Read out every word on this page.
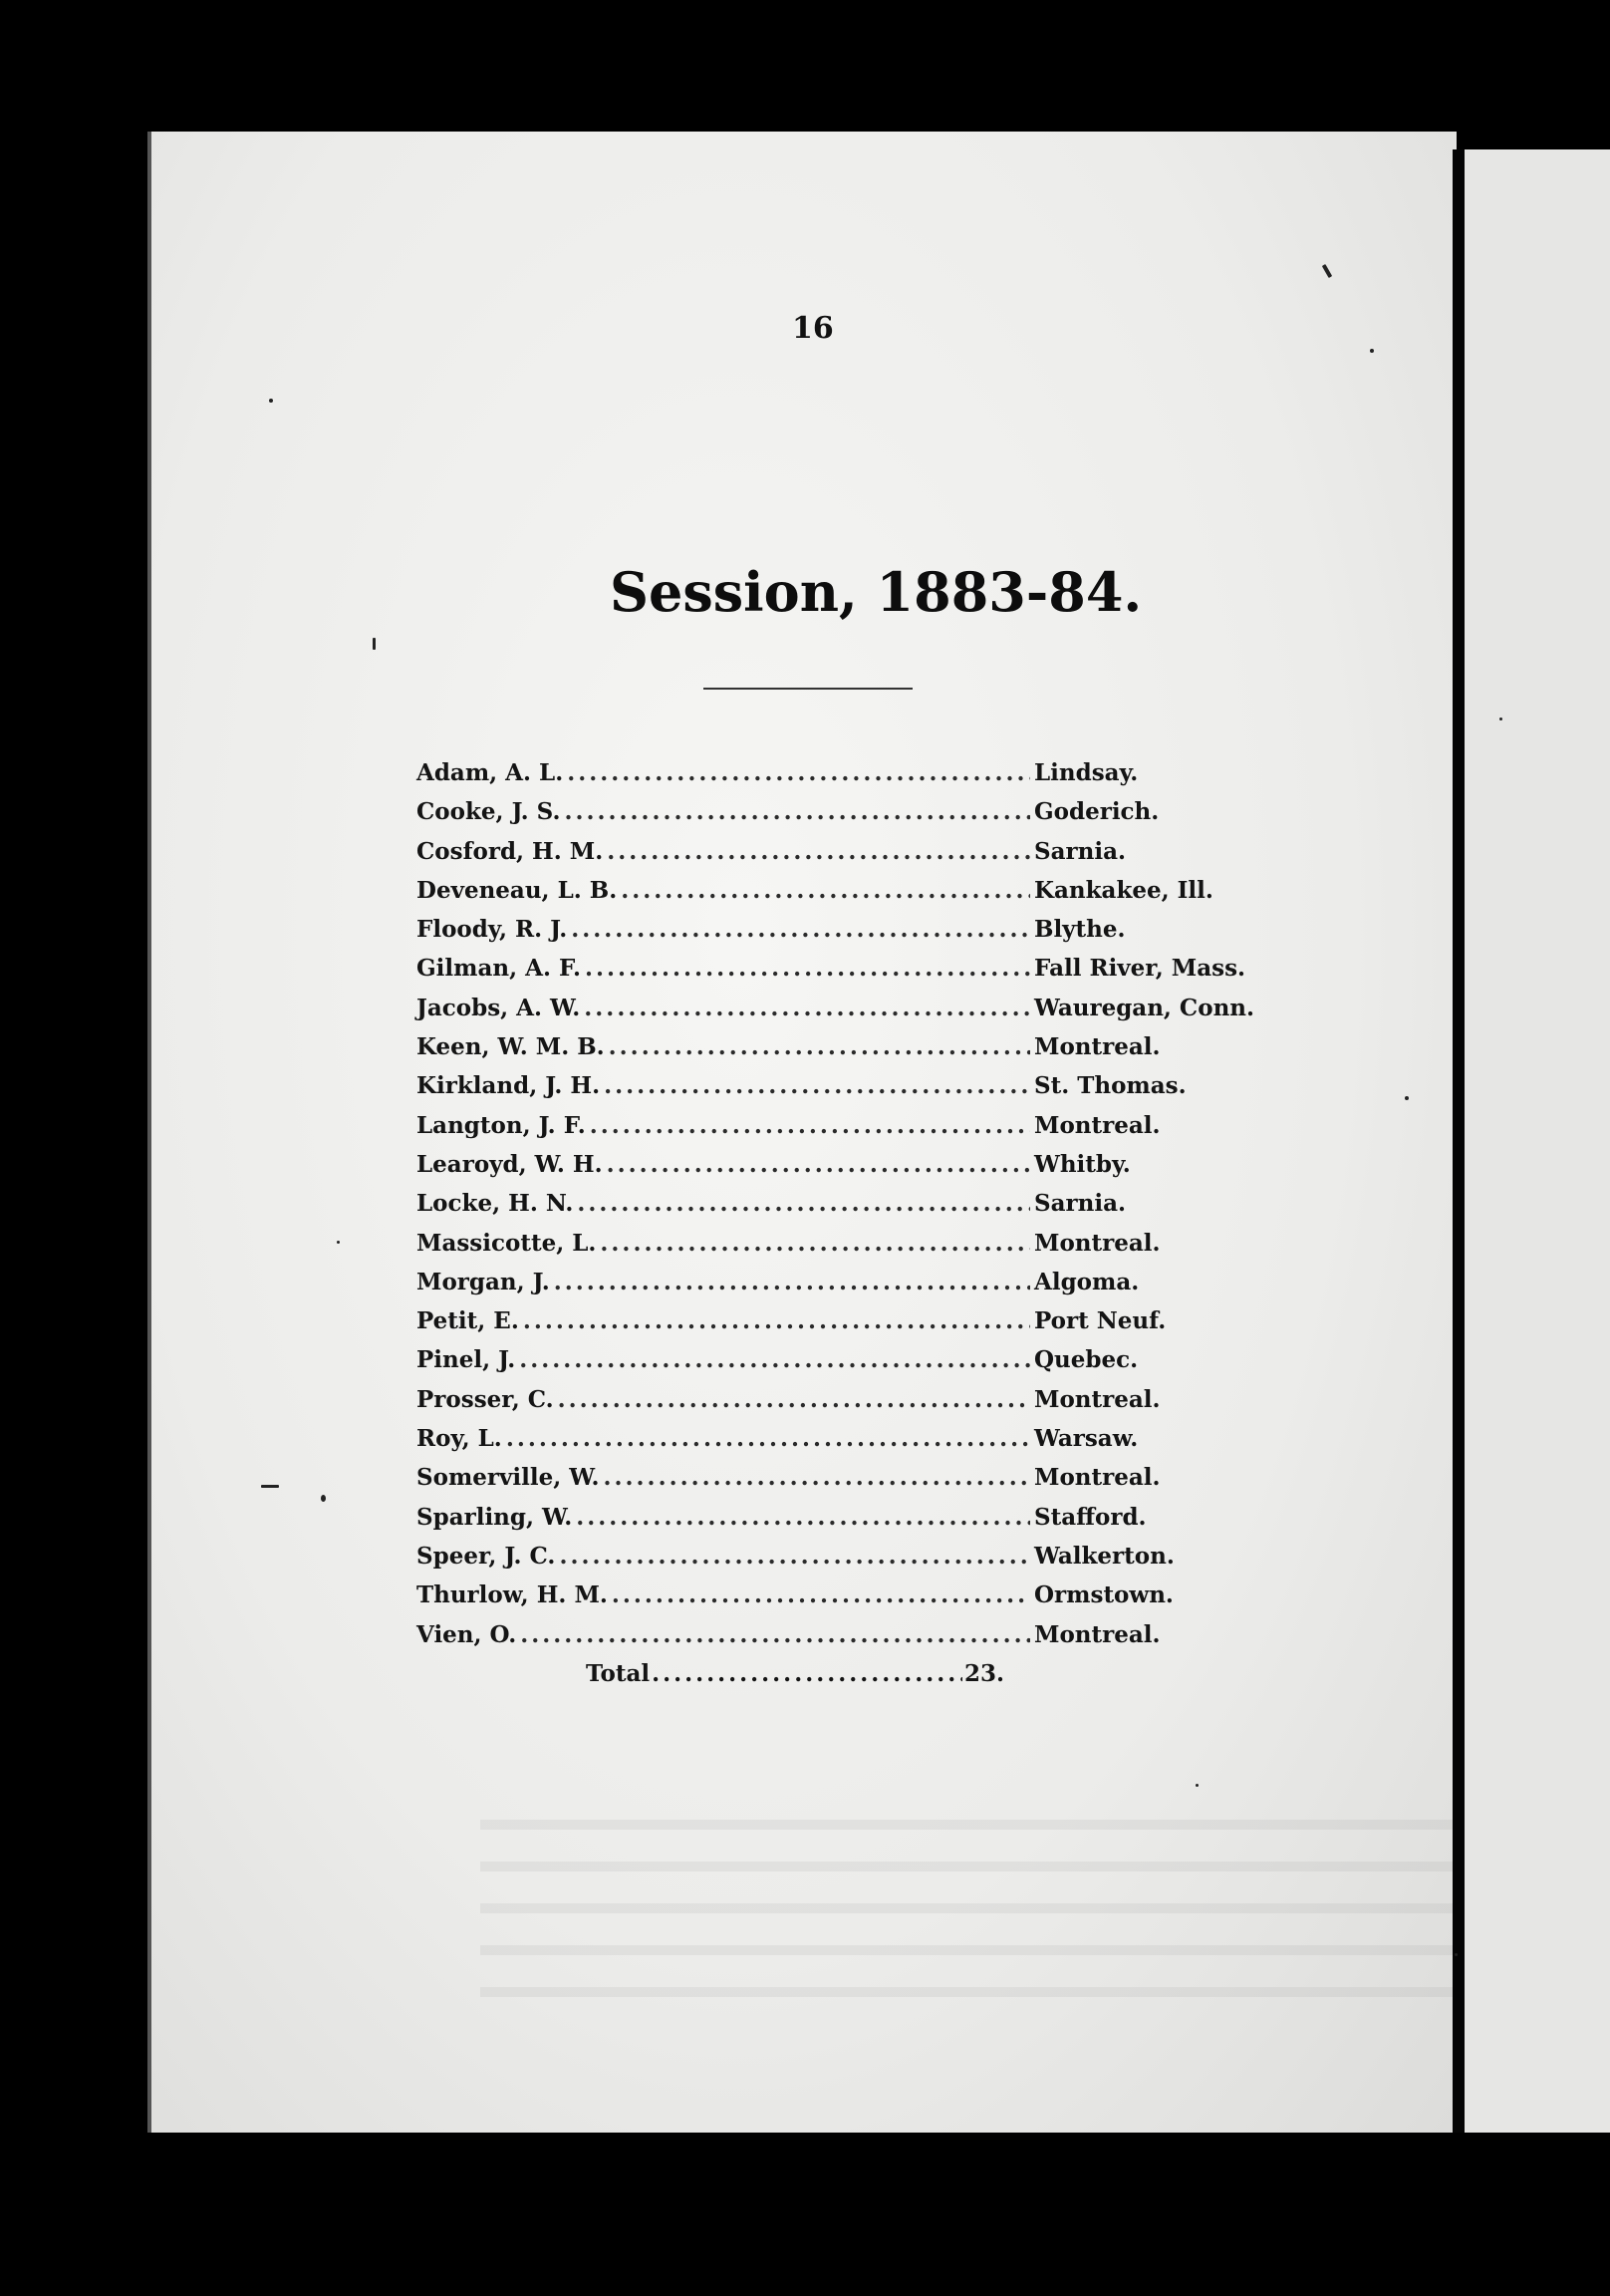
16
Session, 1883-84.
Adam, A. L. .....	Lindsay.
Cooke, J. S. .....	Goderich.
Cosford, H. M. .....	Sarnia.
Deveneau, L. B. .....	Kankakee, Ill.
Floody, R. J. .....	Blythe.
Gilman, A. F. .....	Fall River, Mass.
Jacobs, A. W. .....	Wauregan, Conn.
Keen, W. M. B. .....	Montreal.
Kirkland, J. H. .....	St. Thomas.
Langton, J. F. .....	Montreal.
Learoyd, W. H. .....	Whitby.
Locke, H. N. .....	Sarnia.
Massicotte, L. .....	Montreal.
Morgan, J. .....	Algoma.
Petit, E. .....	Port Neuf.
Pinel, J. .....	Quebec.
Prosser, C. .....	Montreal.
Roy, L. .....	Warsaw.
Somerville, W. .....	Montreal.
Sparling, W. .....	Stafford.
Speer, J. C. .....	Walkerton.
Thurlow, H. M. .....	Ormstown.
Vien, O. .....	Montreal.
Total .....	23.
